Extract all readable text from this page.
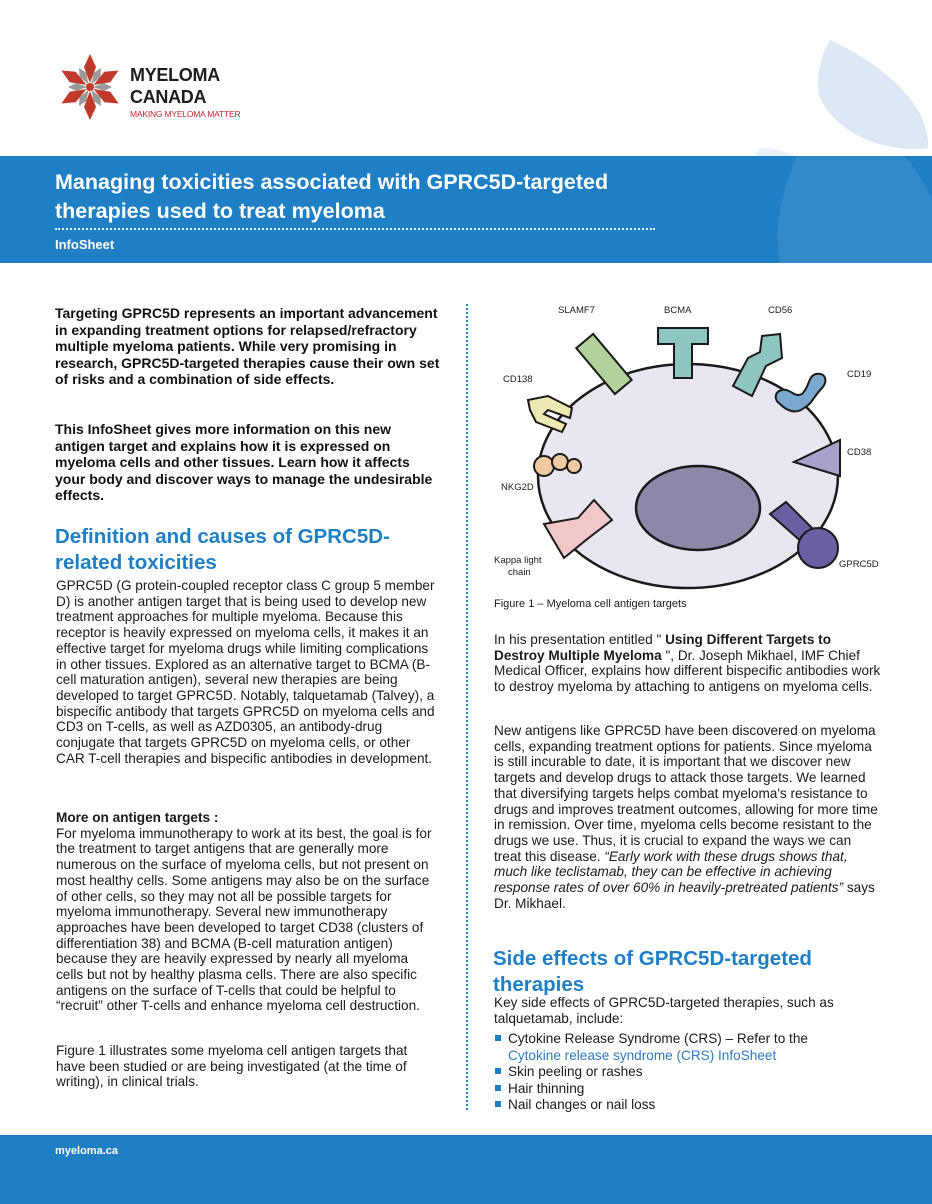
MYELOMA
CANADA
MAKING MYELOMA MATTER
Managing toxicities associated with GPRC5D-targeted therapies used to treat myeloma
InfoSheet

Targeting GPRC5D represents an important advancement in expanding treatment options for relapsed/refractory multiple myeloma patients. While very promising in research, GPRC5D-targeted therapies cause their own set of risks and a combination of side effects.

This InfoSheet gives more information on this new antigen target and explains how it is expressed on myeloma cells and other tissues. Learn how it affects your body and discover ways to manage the undesirable effects.

Definition and causes of GPRC5D-related toxicities

GPRC5D (G protein-coupled receptor class C group 5 member D) is another antigen target that is being used to develop new treatment approaches for multiple myeloma. Because this receptor is heavily expressed on myeloma cells, it makes it an effective target for myeloma drugs while limiting complications in other tissues. Explored as an alternative target to BCMA (B-cell maturation antigen), several new therapies are being developed to target GPRC5D. Notably, talquetamab (Talvey), a bispecific antibody that targets GPRC5D on myeloma cells and CD3 on T-cells, as well as AZD0305, an antibody-drug conjugate that targets GPRC5D on myeloma cells, or other CAR T-cell therapies and bispecific antibodies in development.

More on antigen targets :

For myeloma immunotherapy to work at its best, the goal is for the treatment to target antigens that are generally more numerous on the surface of myeloma cells, but not present on most healthy cells. Some antigens may also be on the surface of other cells, so they may not all be possible targets for myeloma immunotherapy. Several new immunotherapy approaches have been developed to target CD38 (clusters of differentiation 38) and BCMA (B-cell maturation antigen) because they are heavily expressed by nearly all myeloma cells but not by healthy plasma cells. There are also specific antigens on the surface of T-cells that could be helpful to “recruit” other T-cells and enhance myeloma cell destruction.

Figure 1 illustrates some myeloma cell antigen targets that have been studied or are being investigated (at the time of writing), in clinical trials.

SLAMF7	BCMA	CD56
CD138	CD19
CD38
NKG2D
Kappa light
chain
GPRC5D
Figure 1 – Myeloma cell antigen targets

In his presentation entitled " Using Different Targets to Destroy Multiple Myeloma ", Dr. Joseph Mikhael, IMF Chief Medical Officer, explains how different bispecific antibodies work to destroy myeloma by attaching to antigens on myeloma cells.

New antigens like GPRC5D have been discovered on myeloma cells, expanding treatment options for patients. Since myeloma is still incurable to date, it is important that we discover new targets and develop drugs to attack those targets. We learned that diversifying targets helps combat myeloma's resistance to drugs and improves treatment outcomes, allowing for more time in remission. Over time, myeloma cells become resistant to the drugs we use. Thus, it is crucial to expand the ways we can treat this disease. “Early work with these drugs shows that, much like teclistamab, they can be effective in achieving response rates of over 60% in heavily-pretreated patients” says Dr. Mikhael.

Side effects of GPRC5D-targeted therapies

Key side effects of GPRC5D-targeted therapies, such as talquetamab, include:

Cytokine Release Syndrome (CRS) – Refer to the
Cytokine release syndrome (CRS) InfoSheet
Skin peeling or rashes
Hair thinning
Nail changes or nail loss
myeloma.ca
